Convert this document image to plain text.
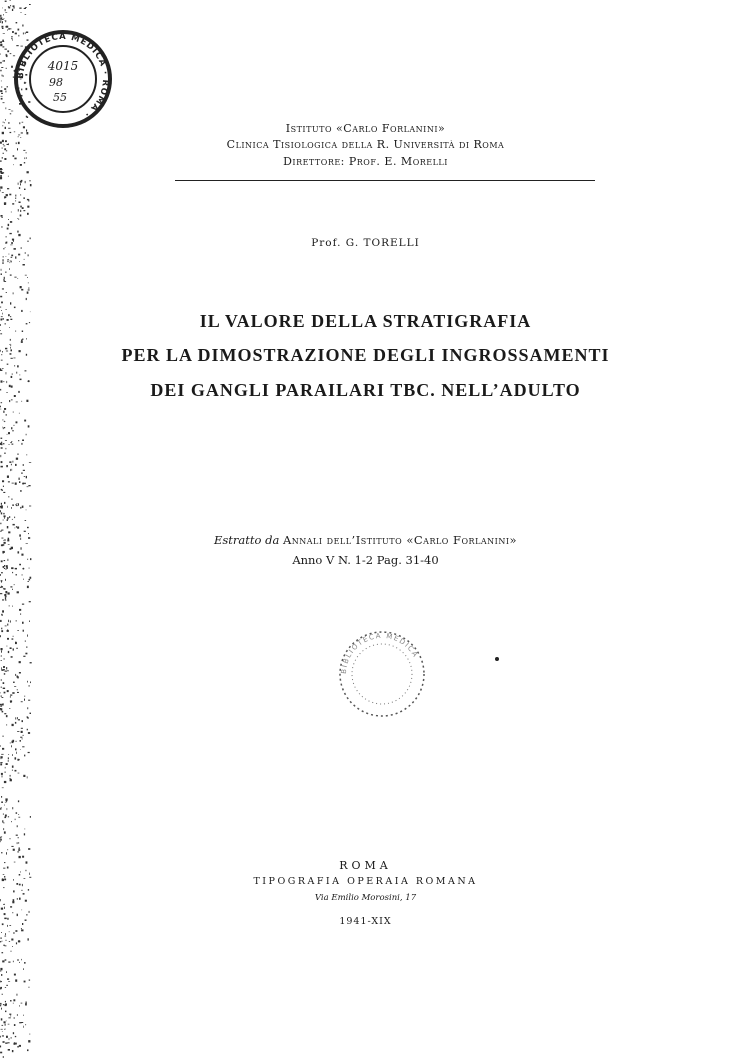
BIBLIOTECA MEDICA · ROMA ·
4015
98
55
Istituto «Carlo Forlanini»
Clinica Tisiologica della R. Università di Roma
Direttore: Prof. E. Morelli
Prof. G. TORELLI
IL VALORE DELLA STRATIGRAFIA
PER LA DIMOSTRAZIONE DEGLI INGROSSAMENTI
DEI GANGLI PARAILARI TBC. NELL’ADULTO
Estratto da Annali dell’Istituto «Carlo Forlanini»
Anno V N. 1-2 Pag. 31-40
BIBLIOTECA MEDICA
ROMA
TIPOGRAFIA OPERAIA ROMANA
Via Emilio Morosini, 17
1941-XIX
